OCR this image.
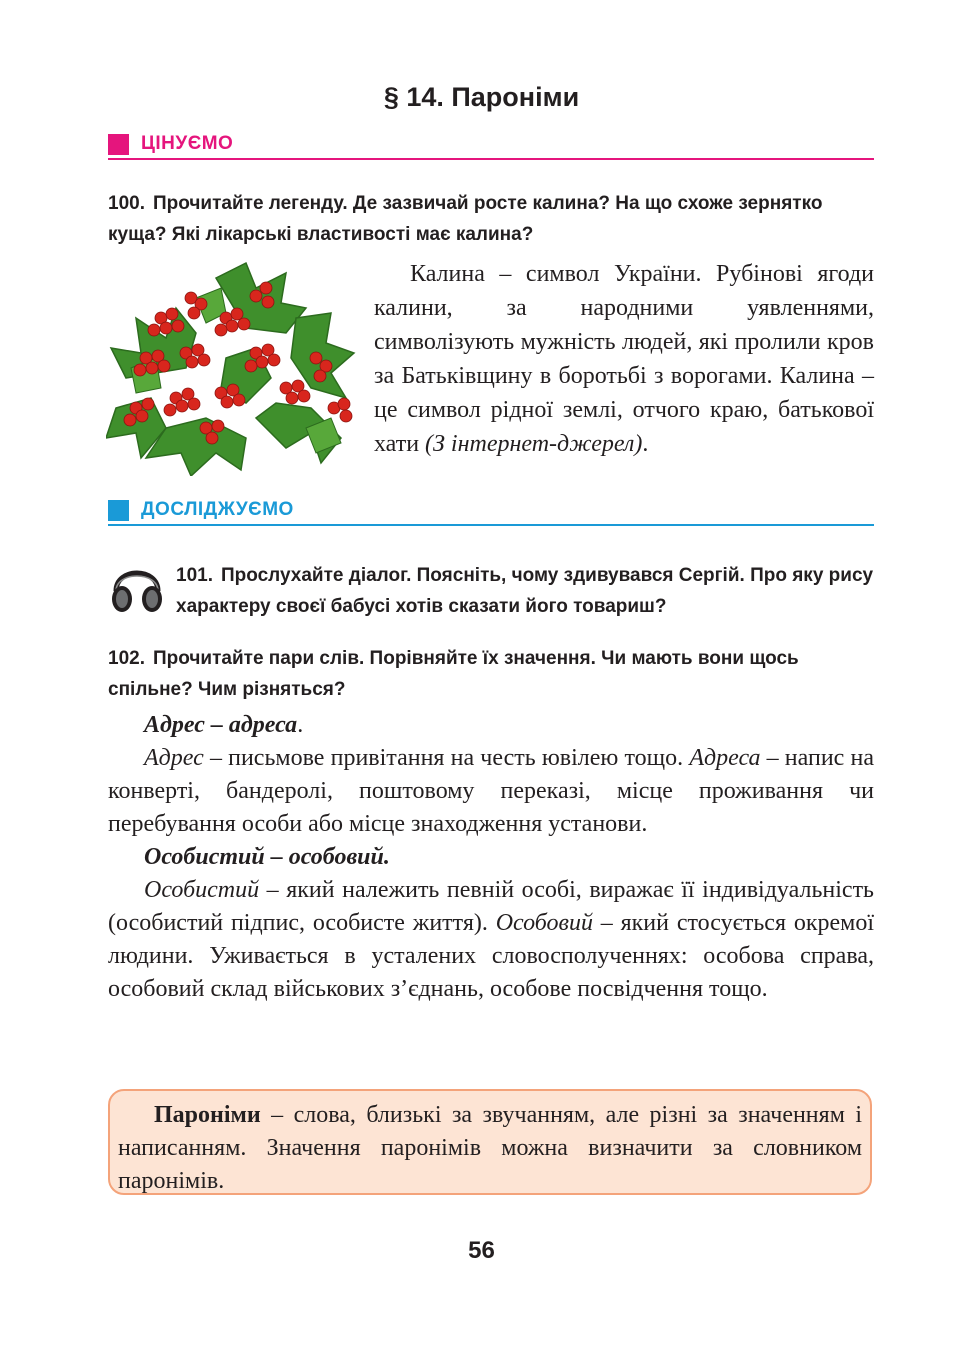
§ 14. Пароніми
ЦІНУЄМО
100. Прочитайте легенду. Де зазвичай росте калина? На що схоже зернятко куща? Які лікарські властивості має калина?

Калина – символ України. Рубінові ягоди калини, за народними уявленнями, символізують мужність людей, які пролили кров за Батьківщину в боротьбі з ворогами. Калина – це символ рідної землі, отчого краю, батькової хати (З інтернет-джерел).

ДОСЛІДЖУЄМО
101. Прослухайте діалог. Поясніть, чому здивувався Сергій. Про яку рису характеру своєї бабусі хотів сказати його товариш?
102. Прочитайте пари слів. Порівняйте їх значення. Чи мають вони щось спільне? Чим різняться?

Адрес – адреса.

Адрес – письмове привітання на честь ювілею тощо. Адреса – напис на конверті, бандеролі, поштовому переказі, місце проживання чи перебування особи або місце знаходження установи.

Особистий – особовий.

Особистий – який належить певній особі, виражає її індивідуальність (особистий підпис, особисте життя). Особовий – який стосується окремої людини. Уживається в усталених словосполученнях: особова справа, особовий склад військових з’єднань, особове посвідчення тощо.

Пароніми – слова, близькі за звучанням, але різні за значенням і написанням. Значення паронімів можна визначити за словником паронімів.

56
